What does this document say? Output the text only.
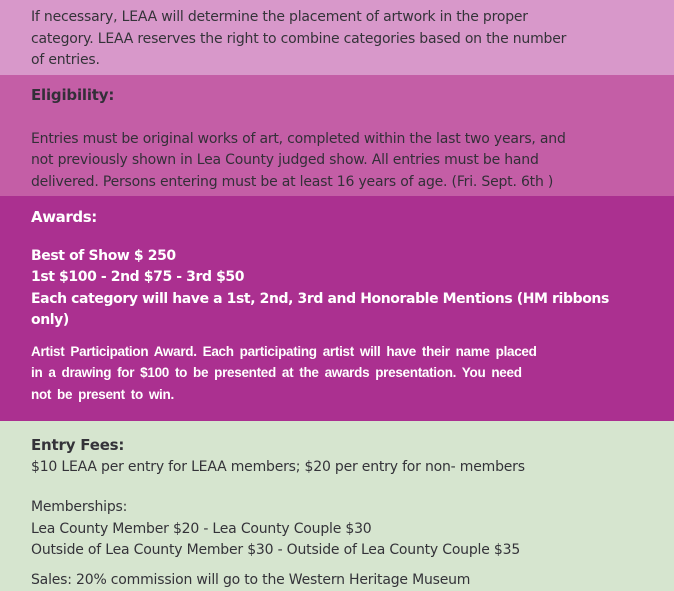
If necessary, LEAA will determine the placement of artwork in the proper
category. LEAA reserves the right to combine categories based on the number
of entries.
Eligibility:
Entries must be original works of art, completed within the last two years, and
not previously shown in Lea County judged show. All entries must be hand
delivered. Persons entering must be at least 16 years of age. (Fri. Sept. 6th )
Awards:
Best of Show $ 250
1st $100 - 2nd $75 - 3rd $50
Each category will have a 1st, 2nd, 3rd and Honorable Mentions (HM ribbons
only)
Artist Participation Award. Each participating artist will have their name placed
in a drawing for $100 to be presented at the awards presentation. You need
not be present to win.
Entry Fees:
$10 LEAA per entry for LEAA members; $20 per entry for non- members
Memberships:
Lea County Member $20 - Lea County Couple $30
Outside of Lea County Member $30 - Outside of Lea County Couple $35
Sales: 20% commission will go to the Western Heritage Museum
